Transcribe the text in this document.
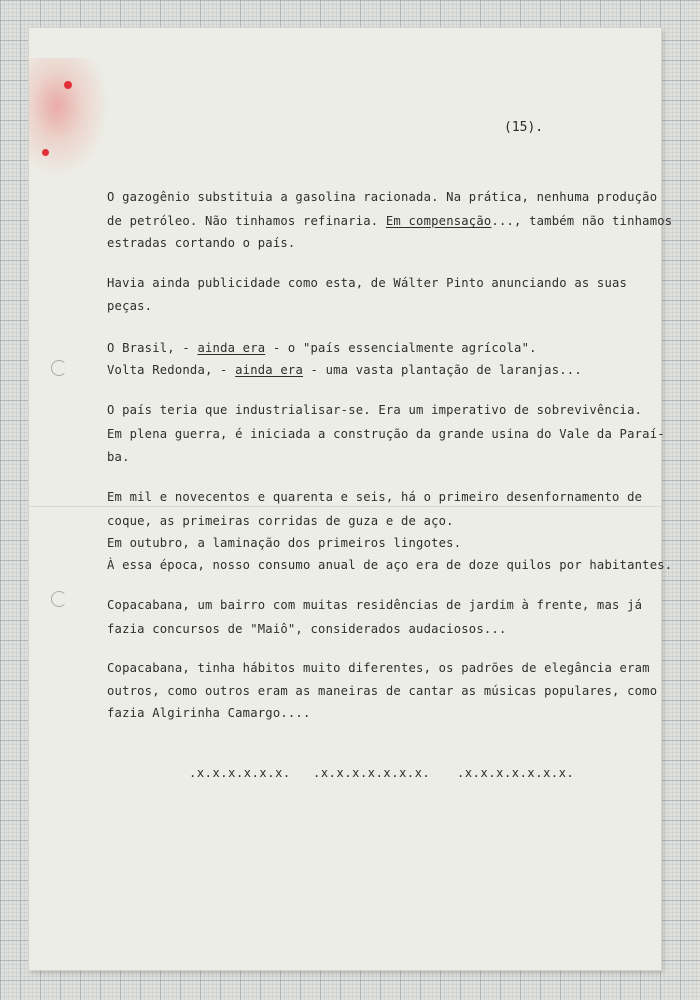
(15).
O gazogênio substituia a gasolina racionada. Na prática, nenhuma produção
de petróleo. Não tinhamos refinaria. Em compensação..., também não tinhamos
estradas cortando o país.
Havia ainda publicidade como esta, de Wálter Pinto anunciando as suas
peças.
O Brasil, - ainda era - o "país essencialmente agrícola".
Volta Redonda, - ainda era - uma vasta plantação de laranjas...
O país teria que industrialisar-se. Era um imperativo de sobrevivência.
Em plena guerra, é iniciada a construção da grande usina do Vale da Paraí-
ba.
Em mil e novecentos e quarenta e seis, há o primeiro desenfornamento de
coque, as primeiras corridas de guza e de aço.
Em outubro, a laminação dos primeiros lingotes.
À essa época, nosso consumo anual de aço era de doze quilos por habitantes.
Copacabana, um bairro com muitas residências de jardim à frente, mas já
fazia concursos de "Maiô", considerados audaciosos...
Copacabana, tinha hábitos muito diferentes, os padrões de elegância eram
outros, como outros eram as maneiras de cantar as músicas populares, como
fazia Algirinha Camargo....
.x.x.x.x.x.x. .x.x.x.x.x.x.x. .x.x.x.x.x.x.x.
